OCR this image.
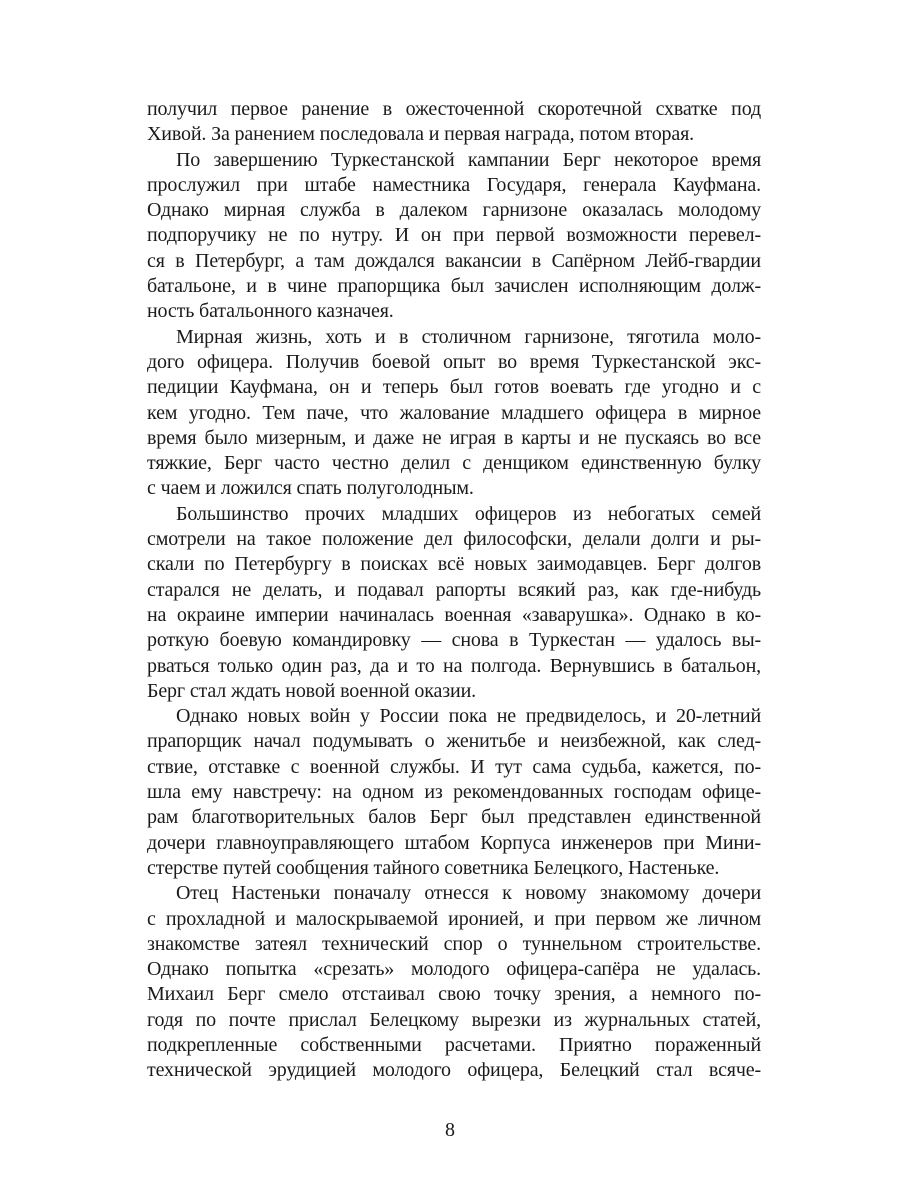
получил первое ранение в ожесточенной скоротечной схватке под
Хивой. За ранением последовала и первая награда, потом вторая.
По завершению Туркестанской кампании Берг некоторое время
прослужил при штабе наместника Государя, генерала Кауфмана.
Однако мирная служба в далеком гарнизоне оказалась молодому
подпоручику не по нутру. И он при первой возможности перевел-
ся в Петербург, а там дождался вакансии в Сапёрном Лейб-гвардии
батальоне, и в чине прапорщика был зачислен исполняющим долж-
ность батальонного казначея.
Мирная жизнь, хоть и в столичном гарнизоне, тяготила моло-
дого офицера. Получив боевой опыт во время Туркестанской экс-
педиции Кауфмана, он и теперь был готов воевать где угодно и с
кем угодно. Тем паче, что жалование младшего офицера в мирное
время было мизерным, и даже не играя в карты и не пускаясь во все
тяжкие, Берг часто честно делил с денщиком единственную булку
с чаем и ложился спать полуголодным.
Большинство прочих младших офицеров из небогатых семей
смотрели на такое положение дел философски, делали долги и ры-
скали по Петербургу в поисках всё новых заимодавцев. Берг долгов
старался не делать, и подавал рапорты всякий раз, как где-нибудь
на окраине империи начиналась военная «заварушка». Однако в ко-
роткую боевую командировку — снова в Туркестан — удалось вы-
рваться только один раз, да и то на полгода. Вернувшись в батальон,
Берг стал ждать новой военной оказии.
Однако новых войн у России пока не предвиделось, и 20-летний
прапорщик начал подумывать о женитьбе и неизбежной, как след-
ствие, отставке с военной службы. И тут сама судьба, кажется, по-
шла ему навстречу: на одном из рекомендованных господам офице-
рам благотворительных балов Берг был представлен единственной
дочери главноуправляющего штабом Корпуса инженеров при Мини-
стерстве путей сообщения тайного советника Белецкого, Настеньке.
Отец Настеньки поначалу отнесся к новому знакомому дочери
с прохладной и малоскрываемой иронией, и при первом же личном
знакомстве затеял технический спор о туннельном строительстве.
Однако попытка «срезать» молодого офицера-сапёра не удалась.
Михаил Берг смело отстаивал свою точку зрения, а немного по-
годя по почте прислал Белецкому вырезки из журнальных статей,
подкрепленные собственными расчетами. Приятно пораженный
технической эрудицией молодого офицера, Белецкий стал всяче-
8
